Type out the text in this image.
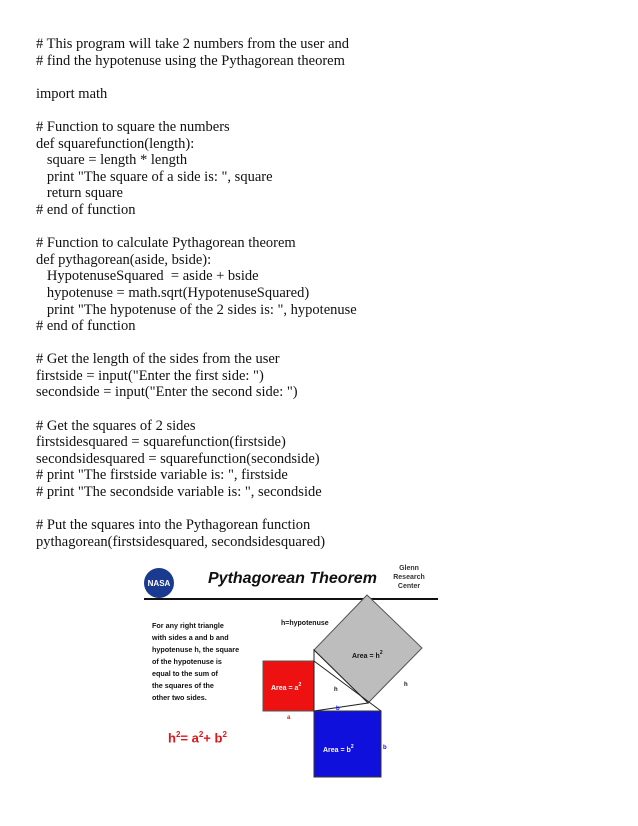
# This program will take 2 numbers from the user and
# find the hypotenuse using the Pythagorean theorem
import math
# Function to square the numbers
def squarefunction(length):
square = length * length
print "The square of a side is: ", square
return square
# end of function
# Function to calculate Pythagorean theorem
def pythagorean(aside, bside):
HypotenuseSquared  = aside + bside
hypotenuse = math.sqrt(HypotenuseSquared)
print "The hypotenuse of the 2 sides is: ", hypotenuse
# end of function
# Get the length of the sides from the user
firstside = input("Enter the first side: ")
secondside = input("Enter the second side: ")
# Get the squares of 2 sides
firstsidesquared = squarefunction(firstside)
secondsidesquared = squarefunction(secondside)
# print "The firstside variable is: ", firstside
# print "The secondside variable is: ", secondside
# Put the squares into the Pythagorean function
pythagorean(firstsidesquared, secondsidesquared)
NASA Pythagorean Theorem
Glenn
Research
Center
For any right triangle
with sides a and b and
hypotenuse h, the square
of the hypotenuse is
equal to the sum of
the squares of the
other two sides.
$h^2= a^2+ b^2$
h=hypotenuse
Area = $h^2$
Area = $a^2$
Area = $b^2$
a
a
h
h
b
b
